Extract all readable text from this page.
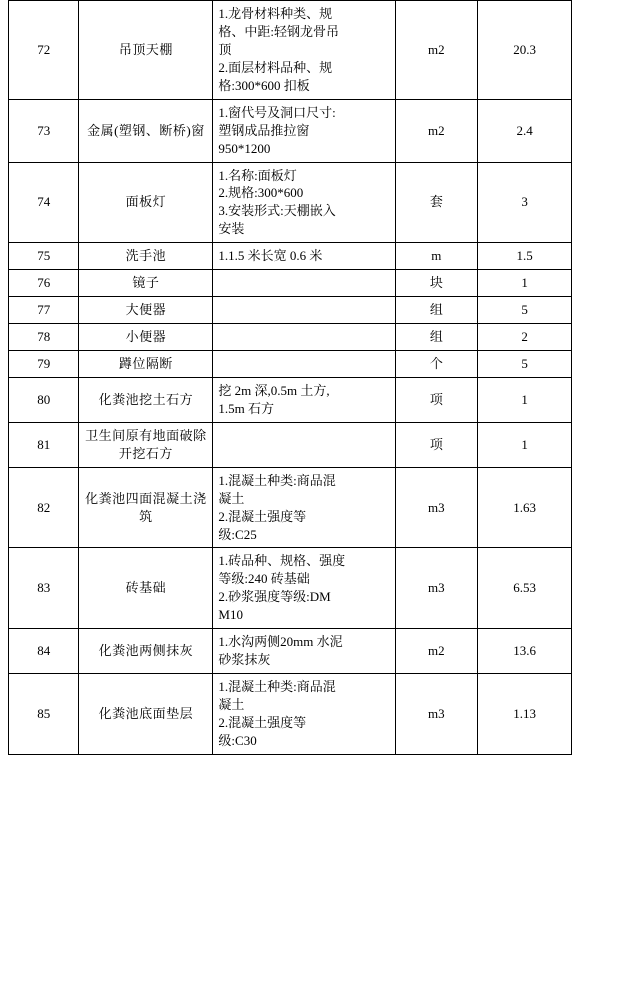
72	吊顶天棚	1.龙骨材料种类、规
格、中距:轻钢龙骨吊
顶
2.面层材料品种、规
格:300*600 扣板	m2	20.3
73	金属(塑钢、断桥)窗	1.窗代号及洞口尺寸:
塑钢成品推拉窗
950*1200	m2	2.4
74	面板灯	1.名称:面板灯
2.规格:300*600
3.安装形式:天棚嵌入
安装	套	3
75	洗手池	1.1.5 米长宽 0.6 米	m	1.5
76	镜子		块	1
77	大便器		组	5
78	小便器		组	2
79	蹲位隔断		个	5
80	化粪池挖土石方	挖 2m 深,0.5m 土方,
1.5m 石方	项	1
81	卫生间原有地面破除开挖石方		项	1
82	化粪池四面混凝土浇筑	1.混凝土种类:商品混
凝土
2.混凝土强度等
级:C25	m3	1.63
83	砖基础	1.砖品种、规格、强度
等级:240 砖基础
2.砂浆强度等级:DM
M10	m3	6.53
84	化粪池两侧抹灰	1.水沟两侧20mm 水泥
砂浆抹灰	m2	13.6
85	化粪池底面垫层	1.混凝土种类:商品混
凝土
2.混凝土强度等
级:C30	m3	1.13
